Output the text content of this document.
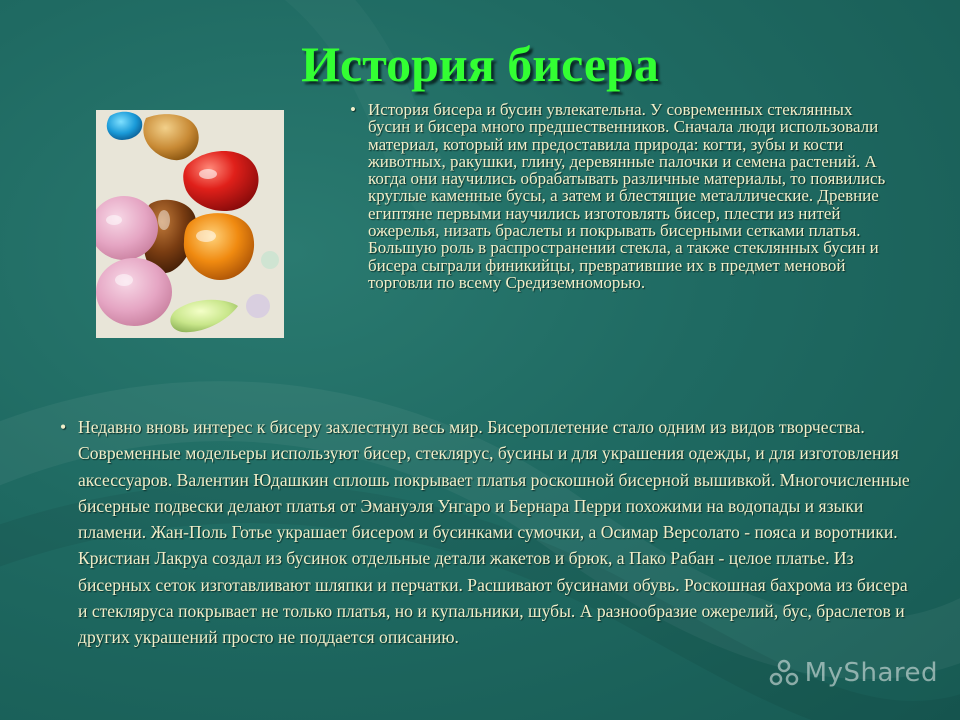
История бисера
• История бисера и бусин увлекательна. У современных стеклянных бусин и бисера много предшественников. Сначала люди использовали материал, который им предоставила природа: когти, зубы и кости животных, ракушки, глину, деревянные палочки и семена растений. А когда они научились обрабатывать различные материалы, то появились круглые каменные бусы, а затем и блестящие металлические. Древние египтяне первыми научились изготовлять бисер, плести из нитей ожерелья, низать браслеты и покрывать бисерными сетками платья. Большую роль в распространении стекла, а также стеклянных бусин и бисера сыграли финикийцы, превратившие их в предмет меновой торговли по всему Средиземноморью.
• Недавно вновь интерес к бисеру захлестнул весь мир. Бисероплетение стало одним из видов творчества. Современные модельеры используют бисер, стеклярус, бусины и для украшения одежды, и для изготовления аксессуаров. Валентин Юдашкин сплошь покрывает платья роскошной бисерной вышивкой. Многочисленные бисерные подвески делают платья от Эмануэля Унгаро и Бернара Перри похожими на водопады и языки пламени. Жан-Поль Готье украшает бисером и бусинками сумочки, а Осимар Версолато - пояса и воротники. Кристиан Лакруа создал из бусинок отдельные детали жакетов и брюк, а Пако Рабан - целое платье. Из бисерных сеток изготавливают шляпки и перчатки. Расшивают бусинами обувь. Роскошная бахрома из бисера и стекляруса покрывает не только платья, но и купальники, шубы. А разнообразие ожерелий, бус, браслетов и других украшений просто не поддается описанию.
MyShared
